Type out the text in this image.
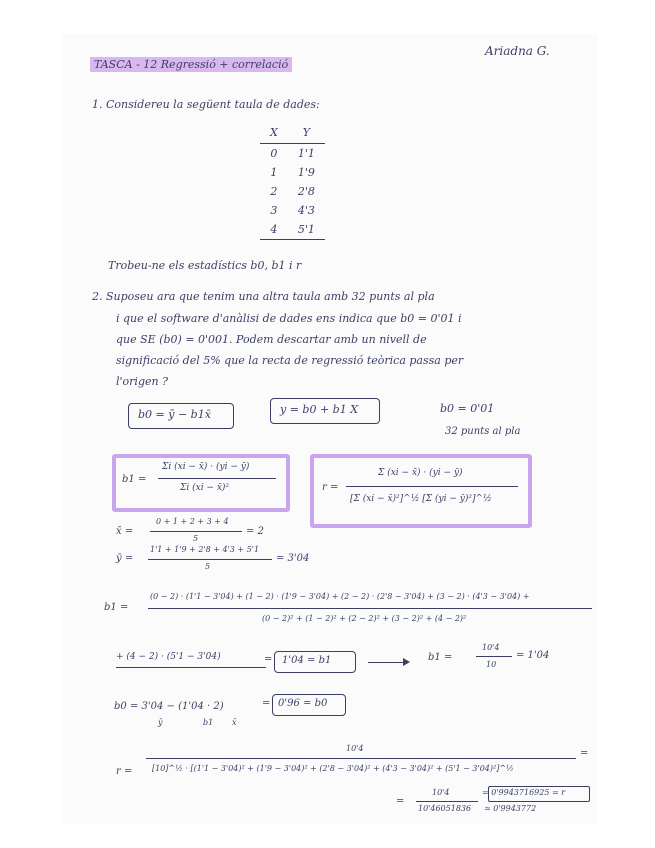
TASCA - 12 Regressió + correlació
Ariadna G.
1. Considereu la següent taula de dades:
X	Y
0	1'1
1	1'9
2	2'8
3	4'3
4	5'1
Trobeu-ne els estadístics b0, b1 i r
2. Suposeu ara que tenim una altra taula amb 32 punts al pla
i que el software d'anàlisi de dades ens indica que b0 = 0'01 i
que SE (b0) = 0'001. Podem descartar amb un nivell de
significació del 5% que la recta de regressió teòrica passa per
l'origen ?
b0 = ȳ − b1x̄	y = b0 + b1 X	b0 = 0'01
32 punts al pla
b1 =
Σi (xi − x̄) · (yi − ȳ)
Σi (xi − x̄)²	r =
Σ (xi − x̄) · (yi − ȳ)
[Σ (xi − x̄)²]^½ [Σ (yi − ȳ)²]^½
x̄ =
0 + 1 + 2 + 3 + 4
5
= 2
ȳ =
1'1 + 1'9 + 2'8 + 4'3 + 5'1
5
= 3'04
b1 =
(0 − 2) · (1'1 − 3'04) + (1 − 2) · (1'9 − 3'04) + (2 − 2) · (2'8 − 3'04) + (3 − 2) · (4'3 − 3'04) +
(0 − 2)² + (1 − 2)² + (2 − 2)² + (3 − 2)² + (4 − 2)²
+ (4 − 2) · (5'1 − 3'04)	= 1'04 = b1	b1 =
10'4
10
= 1'04
b0 = 3'04 − (1'04 · 2)
ȳ	b1 x̄
= 0'96 = b0
r =
10'4	=
[10]^½ · [(1'1 − 3'04)² + (1'9 − 3'04)² + (2'8 − 3'04)² + (4'3 − 3'04)² + (5'1 − 3'04)²]^½
=
10'4
10'46051836
= 0'9943716925 = r
≃ 0'9943772
